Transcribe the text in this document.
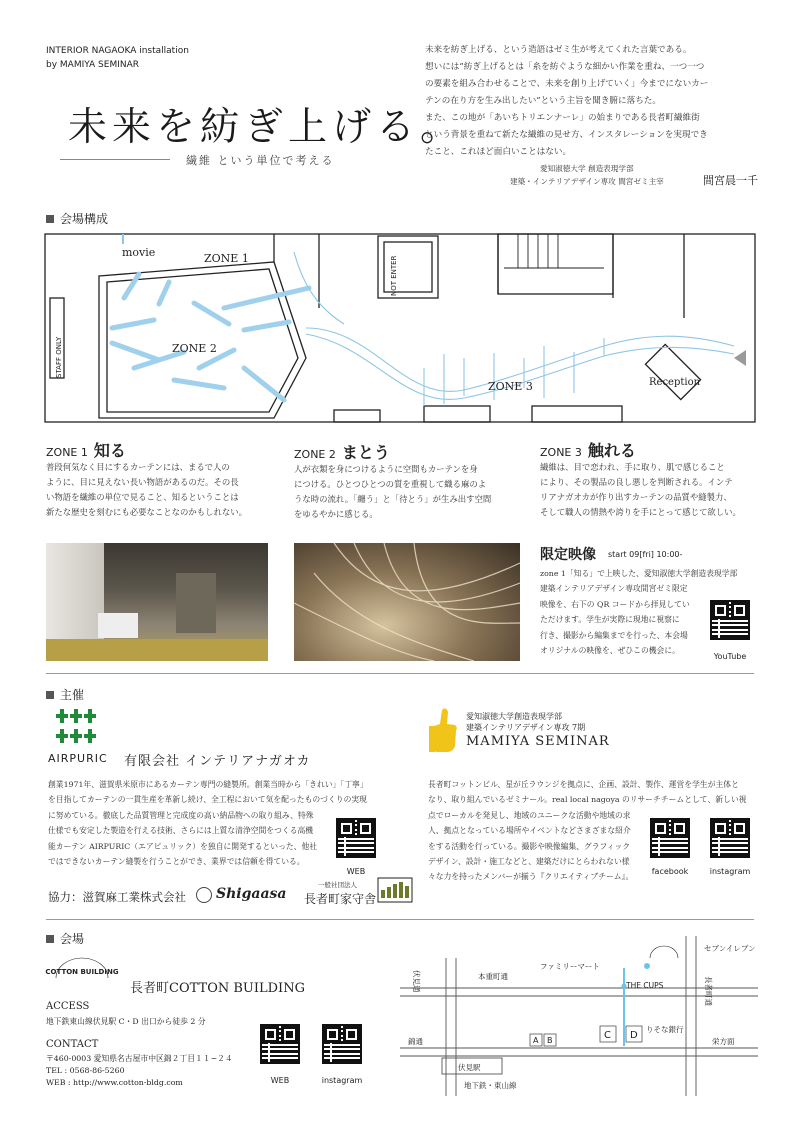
INTERIOR NAGAOKA installation
by MAMIYA SEMINAR
未来を紡ぎ上げる。
繊維 という単位で考える
未来を紡ぎ上げる、という造語はゼミ生が考えてくれた言葉である。
想いには”紡ぎ上げるとは「糸を紡ぐような細かい作業を重ね、一つ一つ
の要素を組み合わせることで、未来を創り上げていく」今までにないカー
テンの在り方を生み出したい”という主旨を聞き腑に落ちた。
また、この地が「あいちトリエンナーレ」の始まりである長者町繊維街
という背景を重ねて新たな繊維の見せ方、インスタレーションを実現でき
たこと、これほど面白いことはない。
愛知淑徳大学 創造表現学部
建築・インテリアデザイン専攻 間宮ゼミ主宰	間宮晨一千
会場構成
movie	ZONE 1
ZONE 2
ZONE 3	Reception
STAFF ONLY
NOT ENTER
ZONE 1 知る	ZONE 2 まとう	ZONE 3 触れる
普段何気なく目にするカーテンには、まるで人の
ように、目に見えない長い物語があるのだ。その長
い物語を繊維の単位で見ること、知るということは
新たな歴史を刻むにも必要なことなのかもしれない。
人が衣類を身につけるように空間もカーテンを身
につける。ひとつひとつの質を重視して織る麻のよ
うな時の流れ。「纏う」と「待とう」が生み出す空間
をゆるやかに感じる。
繊維は、目で恋われ、手に取り、肌で感じること
により、その製品の良し悪しを判断される。インテ
リアナガオカが作り出すカーテンの品質や縫製力、
そして職人の情熱や誇りを手にとって感じて欲しい。
限定映像 start 09[fri] 10:00-
zone 1「知る」で上映した、愛知淑徳大学創造表現学部
建築インテリアデザイン専攻間宮ゼミ限定
映像を、右下の QR コードから拝見してい
ただけます。学生が実際に現地に視察に
行き、撮影から編集までを行った、本会場
オリジナルの映像を、ぜひこの機会に。
YouTube
主催
AIRPURIC 有限会社 インテリアナガオカ
創業1971年、滋賀県米原市にあるカーテン専門の縫製所。創業当時から「きれい」「丁寧」
を目指してカーテンの一貫生産を革新し続け、全工程において気を配ったものづくりの実現
に努めている。徹底した品質管理と完成度の高い納品物への取り組み、特殊
仕様でも安定した製造を行える技術、さらには上質な清浄空間をつくる高機
能カーテン AIRPURIC（エアピュリック）を独自に開発するといった、他社
ではできないカーテン縫製を行うことができ、業界では信頼を得ている。
WEB
協力：滋賀麻工業株式会社 Shigaasa
一般社団法人
長者町家守舎
愛知淑徳大学創造表現学部
建築インテリアデザイン専攻 7期
MAMIYA SEMINAR
長者町コットンビル、星が丘ラウンジを拠点に、企画、設計、製作、運営を学生が主体と
なり、取り組んでいるゼミナール。real local nagoya のリサーチチームとして、新しい視
点でローカルを発見し、地域のユニークな活動や地域の求
人、拠点となっている場所やイベントなどさまざまな紹介
をする活動を行っている。撮影や映像編集、グラフィック
デザイン、設計・施工などと、建築だけにとらわれない様
々な力を持ったメンバーが揃う『クリエイティブチーム』。
facebook	instagram
会場
COTTON BUILDING
長者町COTTON BUILDING
ACCESS
地下鉄東山線伏見駅 C・D 出口から徒歩 2 分
CONTACT
〒460-0003 愛知県名古屋市中区錦２丁目１１−２４
TEL : 0568-86-5260
WEB : http://www.cotton-bldg.com	WEB	instagram
伏見通	本重町通
ファミリーマート
セブンイレブン
THE CUPS
りそな銀行
長者町通
錦通
伏見駅
地下鉄・東山線
栄方面
A B	C D
